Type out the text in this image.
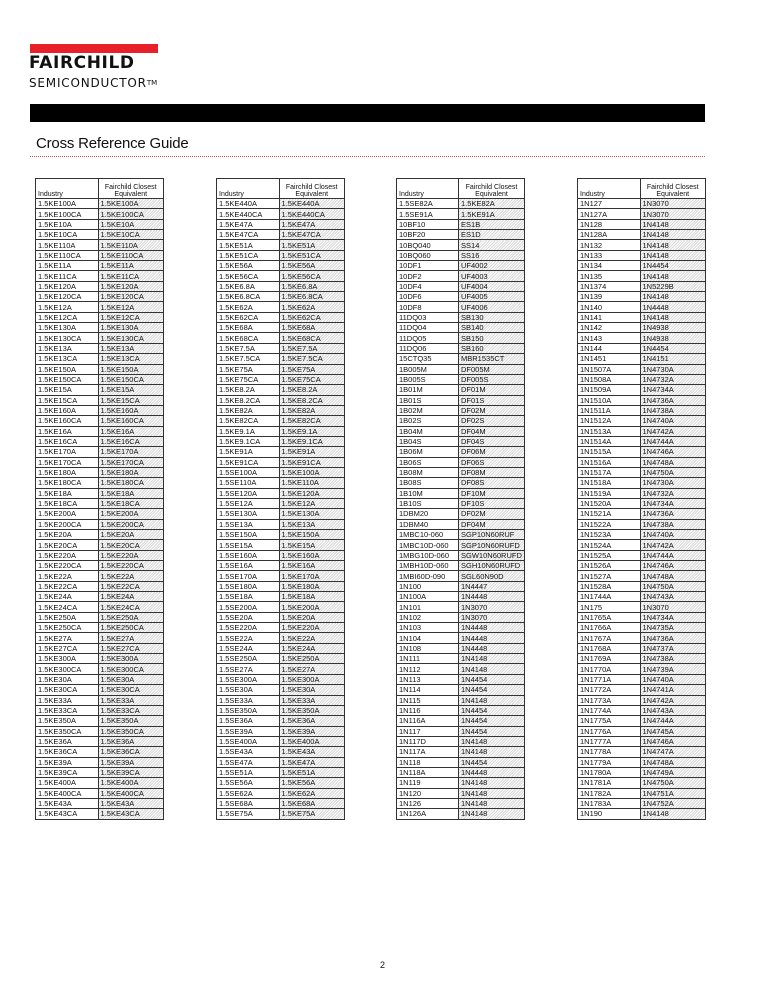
FAIRCHILD
SEMICONDUCTOR™
Cross Reference Guide
Industry	Fairchild Closest Equivalent
1.5KE100A	1.5KE100A
1.5KE100CA	1.5KE100CA
1.5KE10A	1.5KE10A
1.5KE10CA	1.5KE10CA
1.5KE110A	1.5KE110A
1.5KE110CA	1.5KE110CA
1.5KE11A	1.5KE11A
1.5KE11CA	1.5KE11CA
1.5KE120A	1.5KE120A
1.5KE120CA	1.5KE120CA
1.5KE12A	1.5KE12A
1.5KE12CA	1.5KE12CA
1.5KE130A	1.5KE130A
1.5KE130CA	1.5KE130CA
1.5KE13A	1.5KE13A
1.5KE13CA	1.5KE13CA
1.5KE150A	1.5KE150A
1.5KE150CA	1.5KE150CA
1.5KE15A	1.5KE15A
1.5KE15CA	1.5KE15CA
1.5KE160A	1.5KE160A
1.5KE160CA	1.5KE160CA
1.5KE16A	1.5KE16A
1.5KE16CA	1.5KE16CA
1.5KE170A	1.5KE170A
1.5KE170CA	1.5KE170CA
1.5KE180A	1.5KE180A
1.5KE180CA	1.5KE180CA
1.5KE18A	1.5KE18A
1.5KE18CA	1.5KE18CA
1.5KE200A	1.5KE200A
1.5KE200CA	1.5KE200CA
1.5KE20A	1.5KE20A
1.5KE20CA	1.5KE20CA
1.5KE220A	1.5KE220A
1.5KE220CA	1.5KE220CA
1.5KE22A	1.5KE22A
1.5KE22CA	1.5KE22CA
1.5KE24A	1.5KE24A
1.5KE24CA	1.5KE24CA
1.5KE250A	1.5KE250A
1.5KE250CA	1.5KE250CA
1.5KE27A	1.5KE27A
1.5KE27CA	1.5KE27CA
1.5KE300A	1.5KE300A
1.5KE300CA	1.5KE300CA
1.5KE30A	1.5KE30A
1.5KE30CA	1.5KE30CA
1.5KE33A	1.5KE33A
1.5KE33CA	1.5KE33CA
1.5KE350A	1.5KE350A
1.5KE350CA	1.5KE350CA
1.5KE36A	1.5KE36A
1.5KE36CA	1.5KE36CA
1.5KE39A	1.5KE39A
1.5KE39CA	1.5KE39CA
1.5KE400A	1.5KE400A
1.5KE400CA	1.5KE400CA
1.5KE43A	1.5KE43A
1.5KE43CA	1.5KE43CA
Industry	Fairchild Closest Equivalent
1.5KE440A	1.5KE440A
1.5KE440CA	1.5KE440CA
1.5KE47A	1.5KE47A
1.5KE47CA	1.5KE47CA
1.5KE51A	1.5KE51A
1.5KE51CA	1.5KE51CA
1.5KE56A	1.5KE56A
1.5KE56CA	1.5KE56CA
1.5KE6.8A	1.5KE6.8A
1.5KE6.8CA	1.5KE6.8CA
1.5KE62A	1.5KE62A
1.5KE62CA	1.5KE62CA
1.5KE68A	1.5KE68A
1.5KE68CA	1.5KE68CA
1.5KE7.5A	1.5KE7.5A
1.5KE7.5CA	1.5KE7.5CA
1.5KE75A	1.5KE75A
1.5KE75CA	1.5KE75CA
1.5KE8.2A	1.5KE8.2A
1.5KE8.2CA	1.5KE8.2CA
1.5KE82A	1.5KE82A
1.5KE82CA	1.5KE82CA
1.5KE9.1A	1.5KE9.1A
1.5KE9.1CA	1.5KE9.1CA
1.5KE91A	1.5KE91A
1.5KE91CA	1.5KE91CA
1.5SE100A	1.5KE100A
1.5SE110A	1.5KE110A
1.5SE120A	1.5KE120A
1.5SE12A	1.5KE12A
1.5SE130A	1.5KE130A
1.5SE13A	1.5KE13A
1.5SE150A	1.5KE150A
1.5SE15A	1.5KE15A
1.5SE160A	1.5KE160A
1.5SE16A	1.5KE16A
1.5SE170A	1.5KE170A
1.5SE180A	1.5KE180A
1.5SE18A	1.5KE18A
1.5SE200A	1.5KE200A
1.5SE20A	1.5KE20A
1.5SE220A	1.5KE220A
1.5SE22A	1.5KE22A
1.5SE24A	1.5KE24A
1.5SE250A	1.5KE250A
1.5SE27A	1.5KE27A
1.5SE300A	1.5KE300A
1.5SE30A	1.5KE30A
1.5SE33A	1.5KE33A
1.5SE350A	1.5KE350A
1.5SE36A	1.5KE36A
1.5SE39A	1.5KE39A
1.5SE400A	1.5KE400A
1.5SE43A	1.5KE43A
1.5SE47A	1.5KE47A
1.5SE51A	1.5KE51A
1.5SE56A	1.5KE56A
1.5SE62A	1.5KE62A
1.5SE68A	1.5KE68A
1.5SE75A	1.5KE75A
Industry	Fairchild Closest Equivalent
1.5SE82A	1.5KE82A
1.5SE91A	1.5KE91A
10BF10	ES1B
10BF20	ES1D
10BQ040	SS14
10BQ060	SS16
10DF1	UF4002
10DF2	UF4003
10DF4	UF4004
10DF6	UF4005
10DF8	UF4006
11DQ03	SB130
11DQ04	SB140
11DQ05	SB150
11DQ06	SB160
15CTQ35	MBR1535CT
1B005M	DF005M
1B005S	DF005S
1B01M	DF01M
1B01S	DF01S
1B02M	DF02M
1B02S	DF02S
1B04M	DF04M
1B04S	DF04S
1B06M	DF06M
1B06S	DF06S
1B08M	DF08M
1B08S	DF08S
1B10M	DF10M
1B10S	DF10S
1DBM20	DF02M
1DBM40	DF04M
1MBC10-060	SGP10N60RUF
1MBC10D-060	SGP10N60RUFD
1MBG10D-060	SGW10N60RUFD
1MBH10D-060	SGH10N60RUFD
1MBI60D-090	SGL60N90D
1N100	1N4447
1N100A	1N4448
1N101	1N3070
1N102	1N3070
1N103	1N4448
1N104	1N4448
1N108	1N4448
1N111	1N4148
1N112	1N4148
1N113	1N4454
1N114	1N4454
1N115	1N4148
1N116	1N4454
1N116A	1N4454
1N117	1N4454
1N117D	1N4148
1N117A	1N4148
1N118	1N4454
1N118A	1N4448
1N119	1N4148
1N120	1N4148
1N126	1N4148
1N126A	1N4148
Industry	Fairchild Closest Equivalent
1N127	1N3070
1N127A	1N3070
1N128	1N4148
1N128A	1N4148
1N132	1N4148
1N133	1N4148
1N134	1N4454
1N135	1N4148
1N1374	1N5229B
1N139	1N4148
1N140	1N4448
1N141	1N4148
1N142	1N4938
1N143	1N4938
1N144	1N4454
1N1451	1N4151
1N1507A	1N4730A
1N1508A	1N4732A
1N1509A	1N4734A
1N1510A	1N4736A
1N1511A	1N4738A
1N1512A	1N4740A
1N1513A	1N4742A
1N1514A	1N4744A
1N1515A	1N4746A
1N1516A	1N4748A
1N1517A	1N4750A
1N1518A	1N4730A
1N1519A	1N4732A
1N1520A	1N4734A
1N1521A	1N4736A
1N1522A	1N4738A
1N1523A	1N4740A
1N1524A	1N4742A
1N1525A	1N4744A
1N1526A	1N4746A
1N1527A	1N4748A
1N1528A	1N4750A
1N1744A	1N4743A
1N175	1N3070
1N1765A	1N4734A
1N1766A	1N4735A
1N1767A	1N4736A
1N1768A	1N4737A
1N1769A	1N4738A
1N1770A	1N4739A
1N1771A	1N4740A
1N1772A	1N4741A
1N1773A	1N4742A
1N1774A	1N4743A
1N1775A	1N4744A
1N1776A	1N4745A
1N1777A	1N4746A
1N1778A	1N4747A
1N1779A	1N4748A
1N1780A	1N4749A
1N1781A	1N4750A
1N1782A	1N4751A
1N1783A	1N4752A
1N190	1N4148
2
